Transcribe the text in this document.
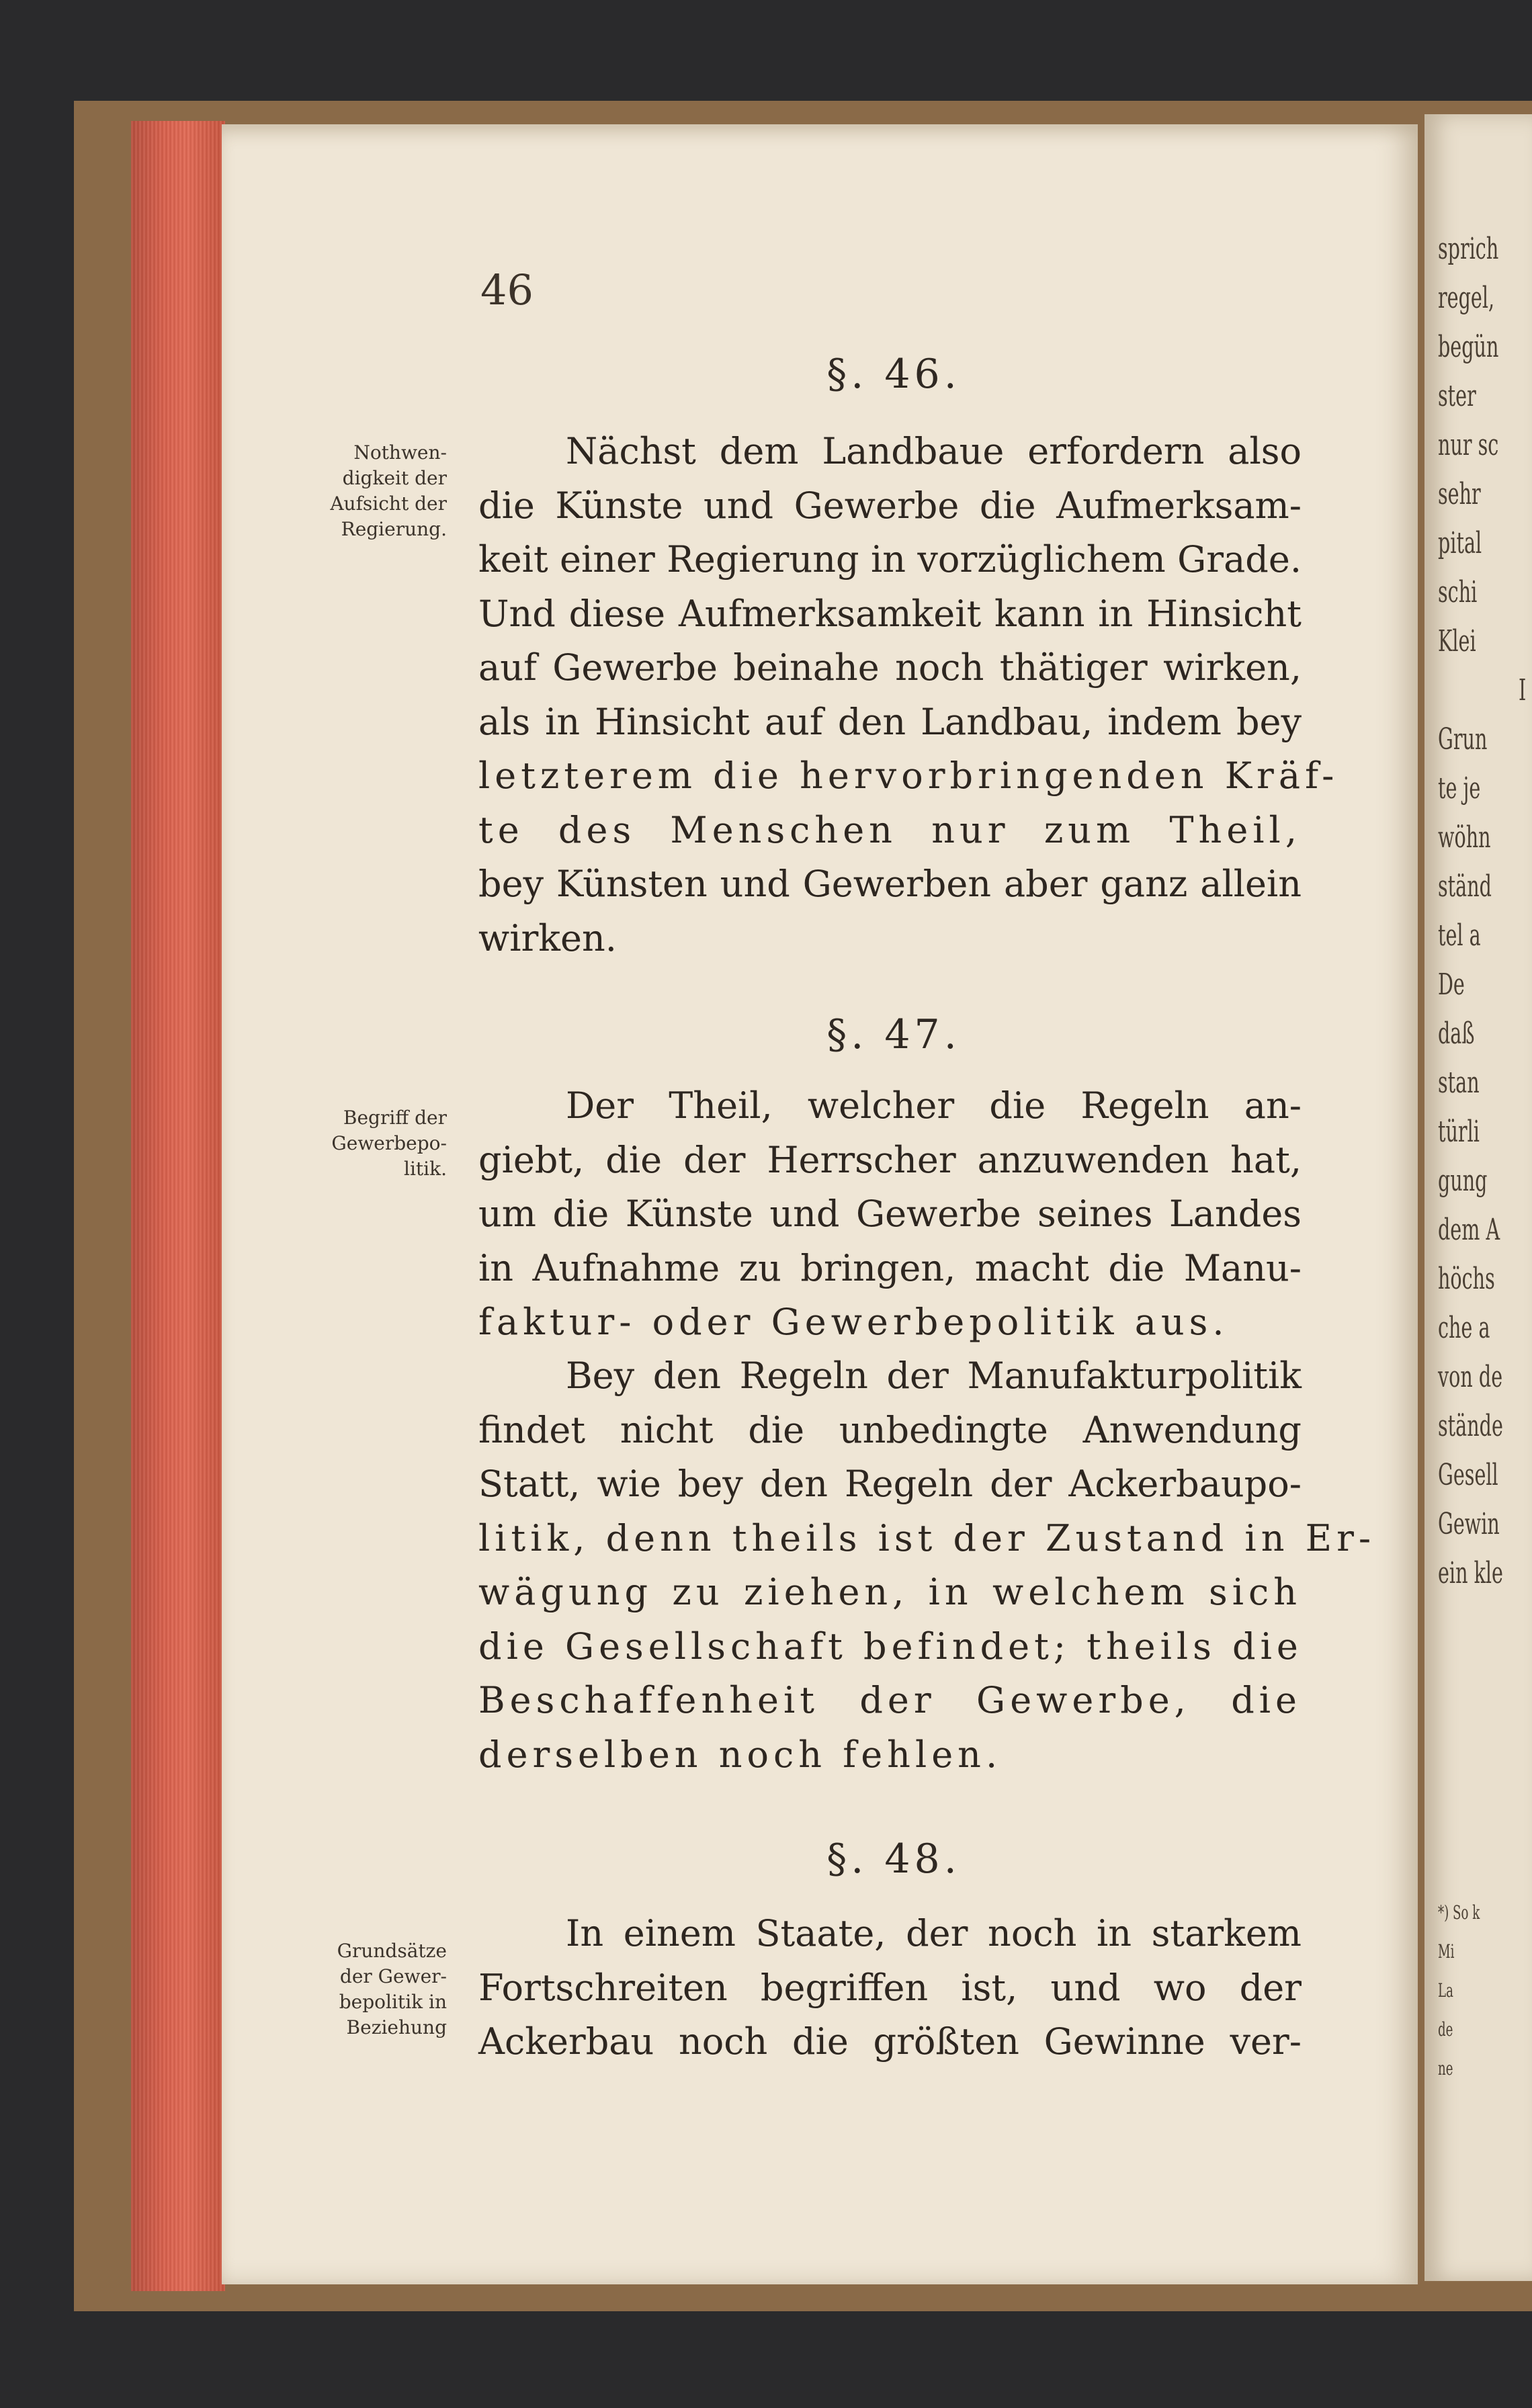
sprich
regel,
begün
ster
nur sc
sehr
pital
schi
Klei
I
Grun
te je
wöhn
ständ
tel a
De
daß
stan
türli
gung
dem A
höchs
che a
von de
stände
Gesell
Gewin
ein kle
*) So k
Mi
La
de
ne
46
§. 46.
Nothwen-
digkeit der
Aufsicht der
Regierung.
Nächst dem Landbaue erfordern also
die Künste und Gewerbe die Aufmerksam-
keit einer Regierung in vorzüglichem Grade.
Und diese Aufmerksamkeit kann in Hinsicht
auf Gewerbe beinahe noch thätiger wirken,
als in Hinsicht auf den Landbau, indem bey
letzterem die hervorbringenden Kräf-
te des Menschen nur zum Theil,
bey Künsten und Gewerben aber ganz allein
wirken.
§. 47.
Begriff der
Gewerbepo-
litik.
Der Theil, welcher die Regeln an-
giebt, die der Herrscher anzuwenden hat,
um die Künste und Gewerbe seines Landes
in Aufnahme zu bringen, macht die Manu-
faktur- oder Gewerbepolitik aus.
Bey den Regeln der Manufakturpolitik
findet nicht die unbedingte Anwendung
Statt, wie bey den Regeln der Ackerbaupo-
litik, denn theils ist der Zustand in Er-
wägung zu ziehen, in welchem sich
die Gesellschaft befindet; theils die
Beschaffenheit der Gewerbe, die
derselben noch fehlen.
§. 48.
Grundsätze
der Gewer-
bepolitik in
Beziehung
In einem Staate, der noch in starkem
Fortschreiten begriffen ist, und wo der
Ackerbau noch die größten Gewinne ver-
